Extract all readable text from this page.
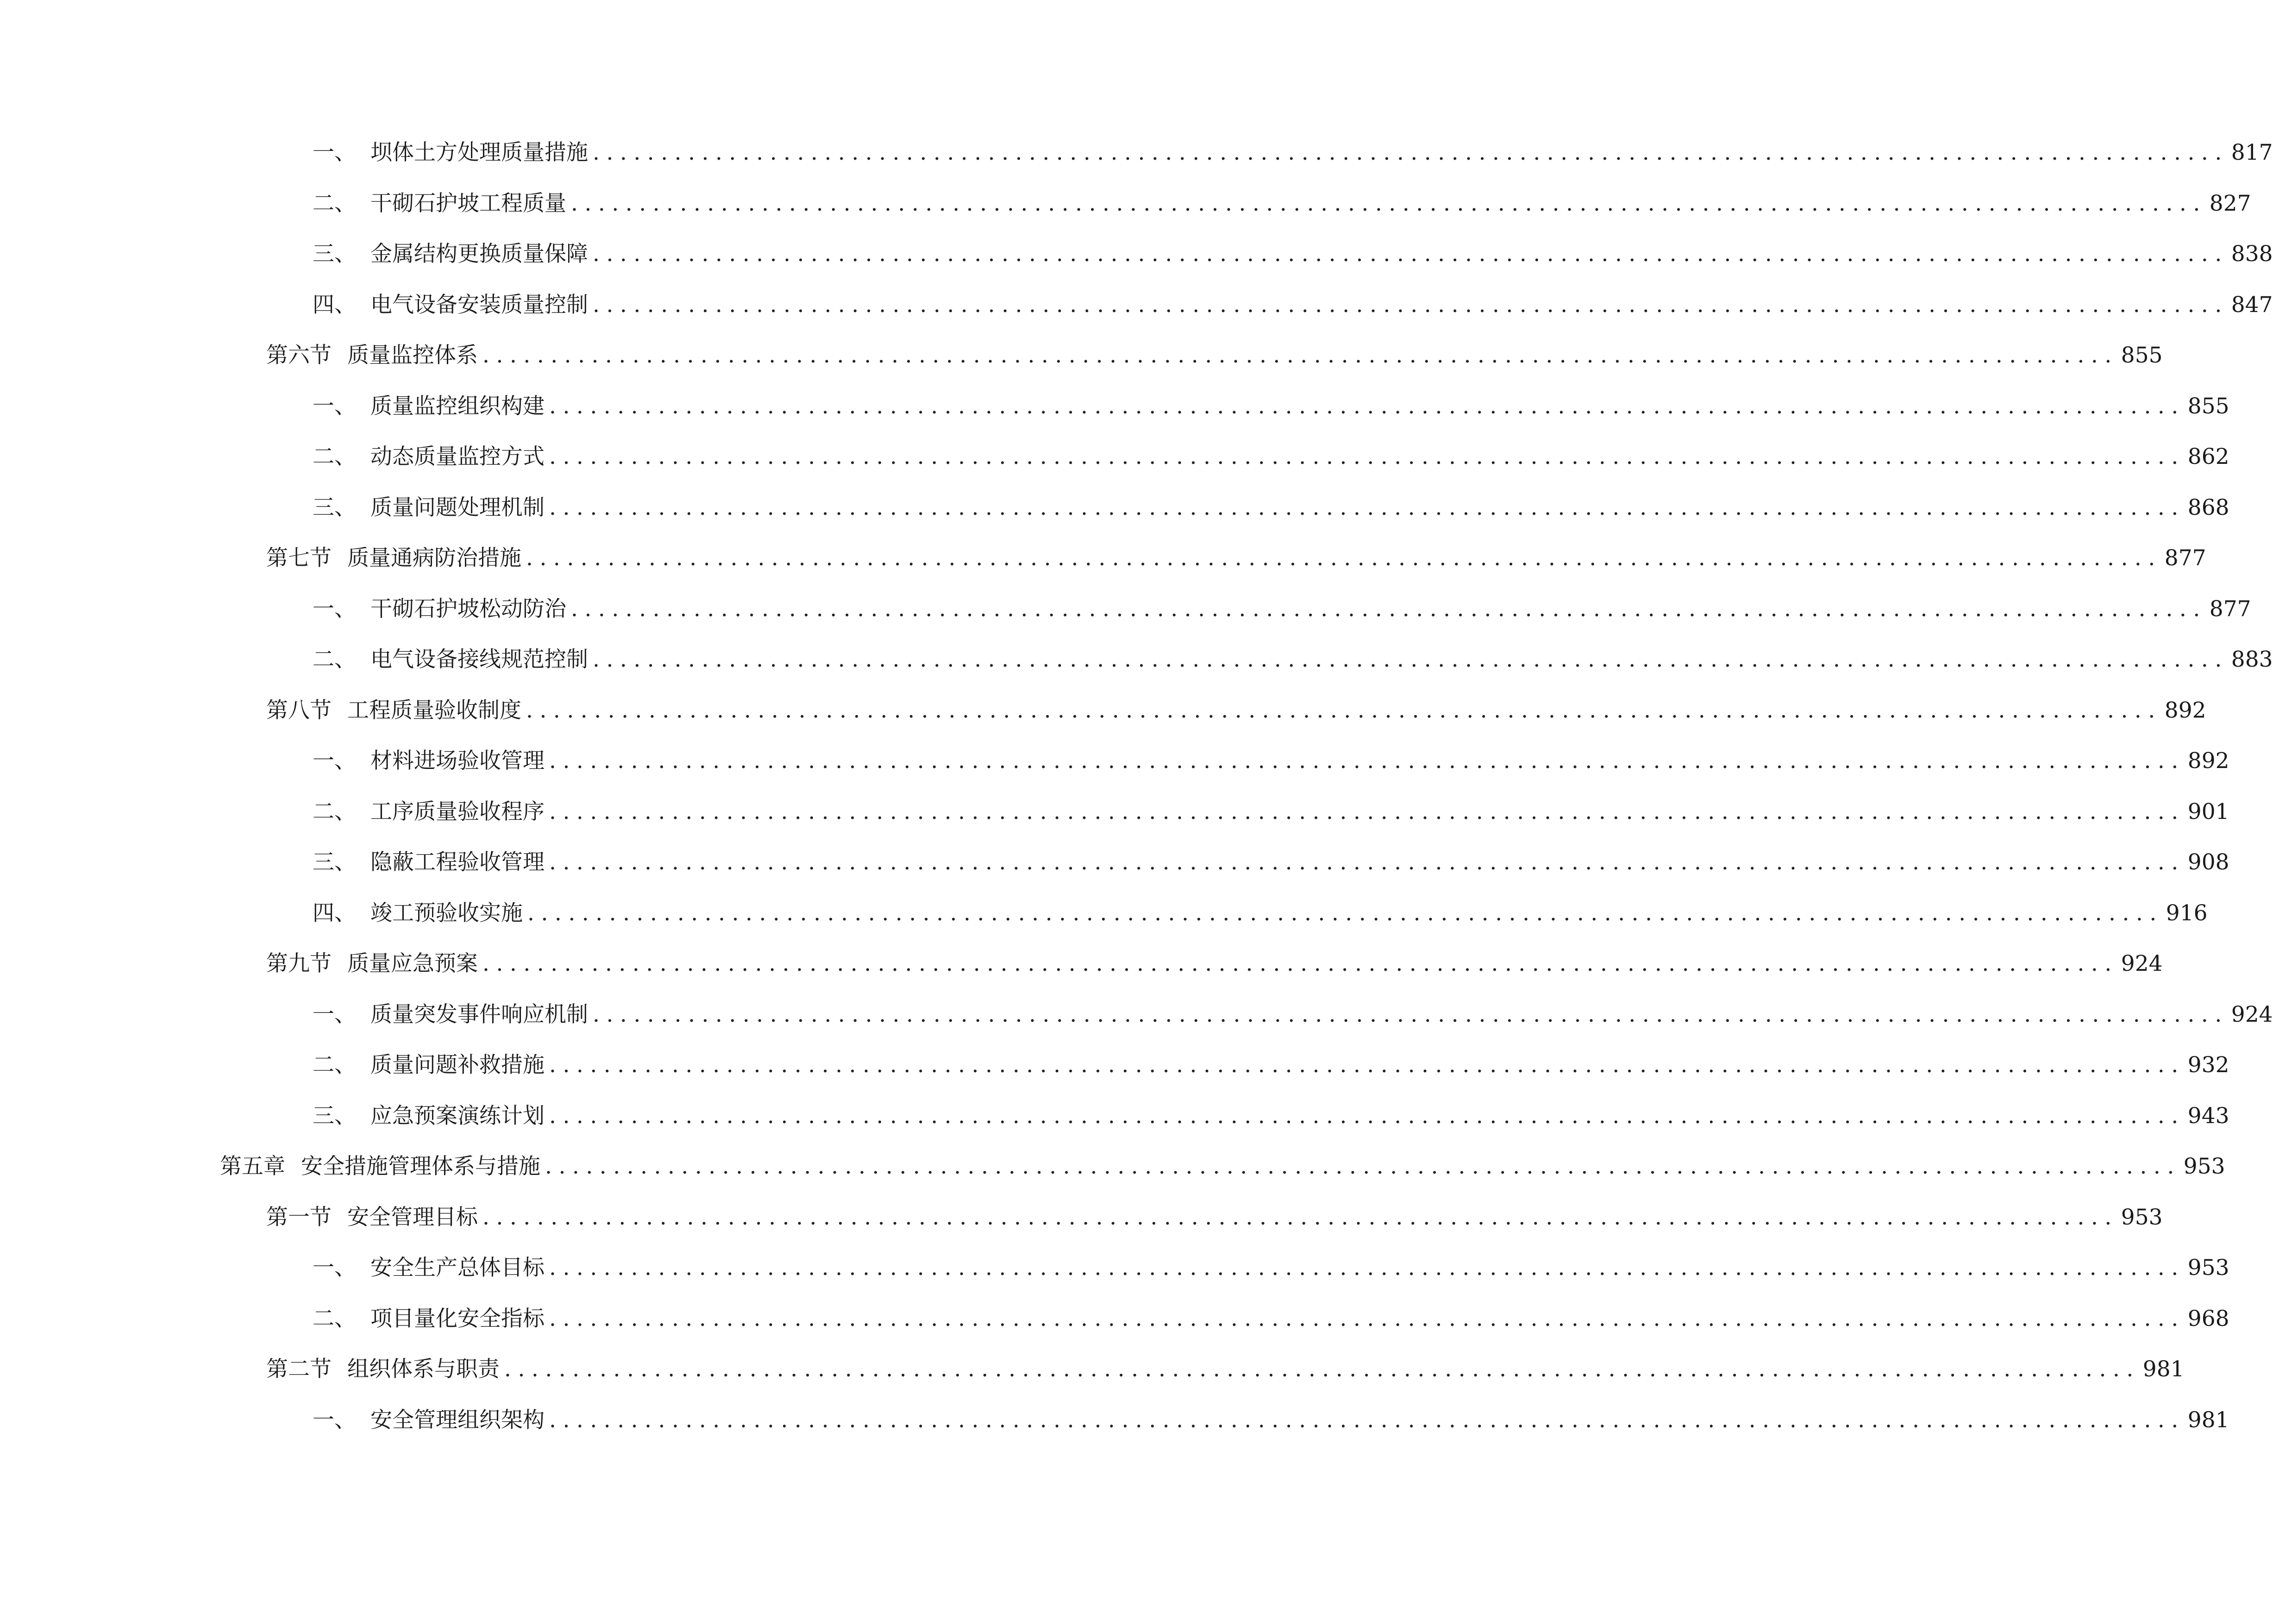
一、 坝体土方处理质量措施 ........................................................................................................................ 817
二、 干砌石护坡工程质量 ........................................................................................................................ 827
三、 金属结构更换质量保障 ........................................................................................................................ 838
四、 电气设备安装质量控制 ........................................................................................................................ 847
第六节 质量监控体系 ........................................................................................................................ 855
一、 质量监控组织构建 ........................................................................................................................ 855
二、 动态质量监控方式 ........................................................................................................................ 862
三、 质量问题处理机制 ........................................................................................................................ 868
第七节 质量通病防治措施 ........................................................................................................................ 877
一、 干砌石护坡松动防治 ........................................................................................................................ 877
二、 电气设备接线规范控制 ........................................................................................................................ 883
第八节 工程质量验收制度 ........................................................................................................................ 892
一、 材料进场验收管理 ........................................................................................................................ 892
二、 工序质量验收程序 ........................................................................................................................ 901
三、 隐蔽工程验收管理 ........................................................................................................................ 908
四、 竣工预验收实施 ........................................................................................................................ 916
第九节 质量应急预案 ........................................................................................................................ 924
一、 质量突发事件响应机制 ........................................................................................................................ 924
二、 质量问题补救措施 ........................................................................................................................ 932
三、 应急预案演练计划 ........................................................................................................................ 943
第五章 安全措施管理体系与措施 ........................................................................................................................ 953
第一节 安全管理目标 ........................................................................................................................ 953
一、 安全生产总体目标 ........................................................................................................................ 953
二、 项目量化安全指标 ........................................................................................................................ 968
第二节 组织体系与职责 ........................................................................................................................ 981
一、 安全管理组织架构 ........................................................................................................................ 981
